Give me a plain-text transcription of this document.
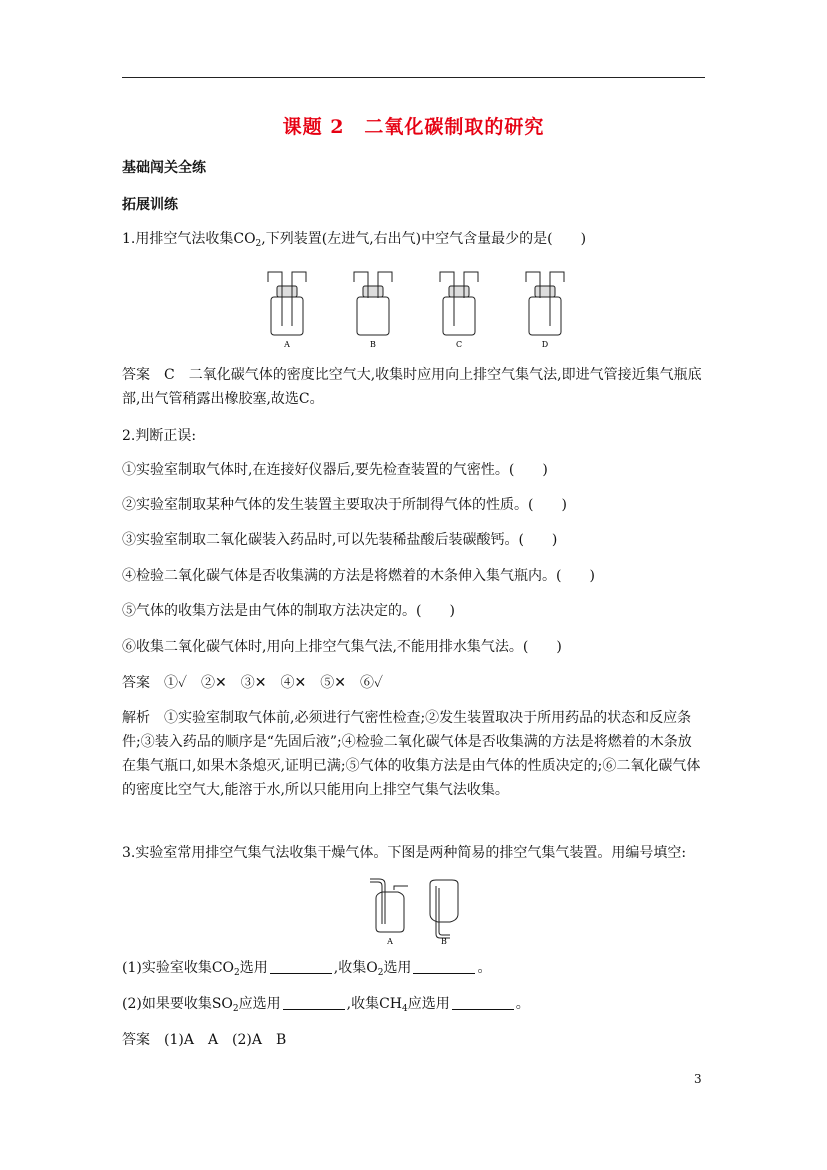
课题 2　二氧化碳制取的研究
基础闯关全练
拓展训练
1.用排空气法收集$CO_2$,下列装置(左进气,右出气)中空气含量最少的是(　　)
A	B	C	D
答案　C　二氧化碳气体的密度比空气大,收集时应用向上排空气集气法,即进气管接近集气瓶底部,出气管稍露出橡胶塞,故选C。
2.判断正误:
①实验室制取气体时,在连接好仪器后,要先检查装置的气密性。(　　)
②实验室制取某种气体的发生装置主要取决于所制得气体的性质。(　　)
③实验室制取二氧化碳装入药品时,可以先装稀盐酸后装碳酸钙。(　　)
④检验二氧化碳气体是否收集满的方法是将燃着的木条伸入集气瓶内。(　　)
⑤气体的收集方法是由气体的制取方法决定的。(　　)
⑥收集二氧化碳气体时,用向上排空气集气法,不能用排水集气法。(　　)
答案　①✓　②✕　③✕　④✕　⑤✕　⑥✓
解析　①实验室制取气体前,必须进行气密性检查;②发生装置取决于所用药品的状态和反应条件;③装入药品的顺序是“先固后液”;④检验二氧化碳气体是否收集满的方法是将燃着的木条放在集气瓶口,如果木条熄灭,证明已满;⑤气体的收集方法是由气体的性质决定的;⑥二氧化碳气体的密度比空气大,能溶于水,所以只能用向上排空气集气法收集。
3.实验室常用排空气集气法收集干燥气体。下图是两种简易的排空气集气装置。用编号填空:
A	B
(1)实验室收集$CO_2$选用	,收集$O_2$选用	。
(2)如果要收集$SO_2$应选用	,收集$CH_4$应选用	。
答案　(1)A　A　(2)A　B
3
